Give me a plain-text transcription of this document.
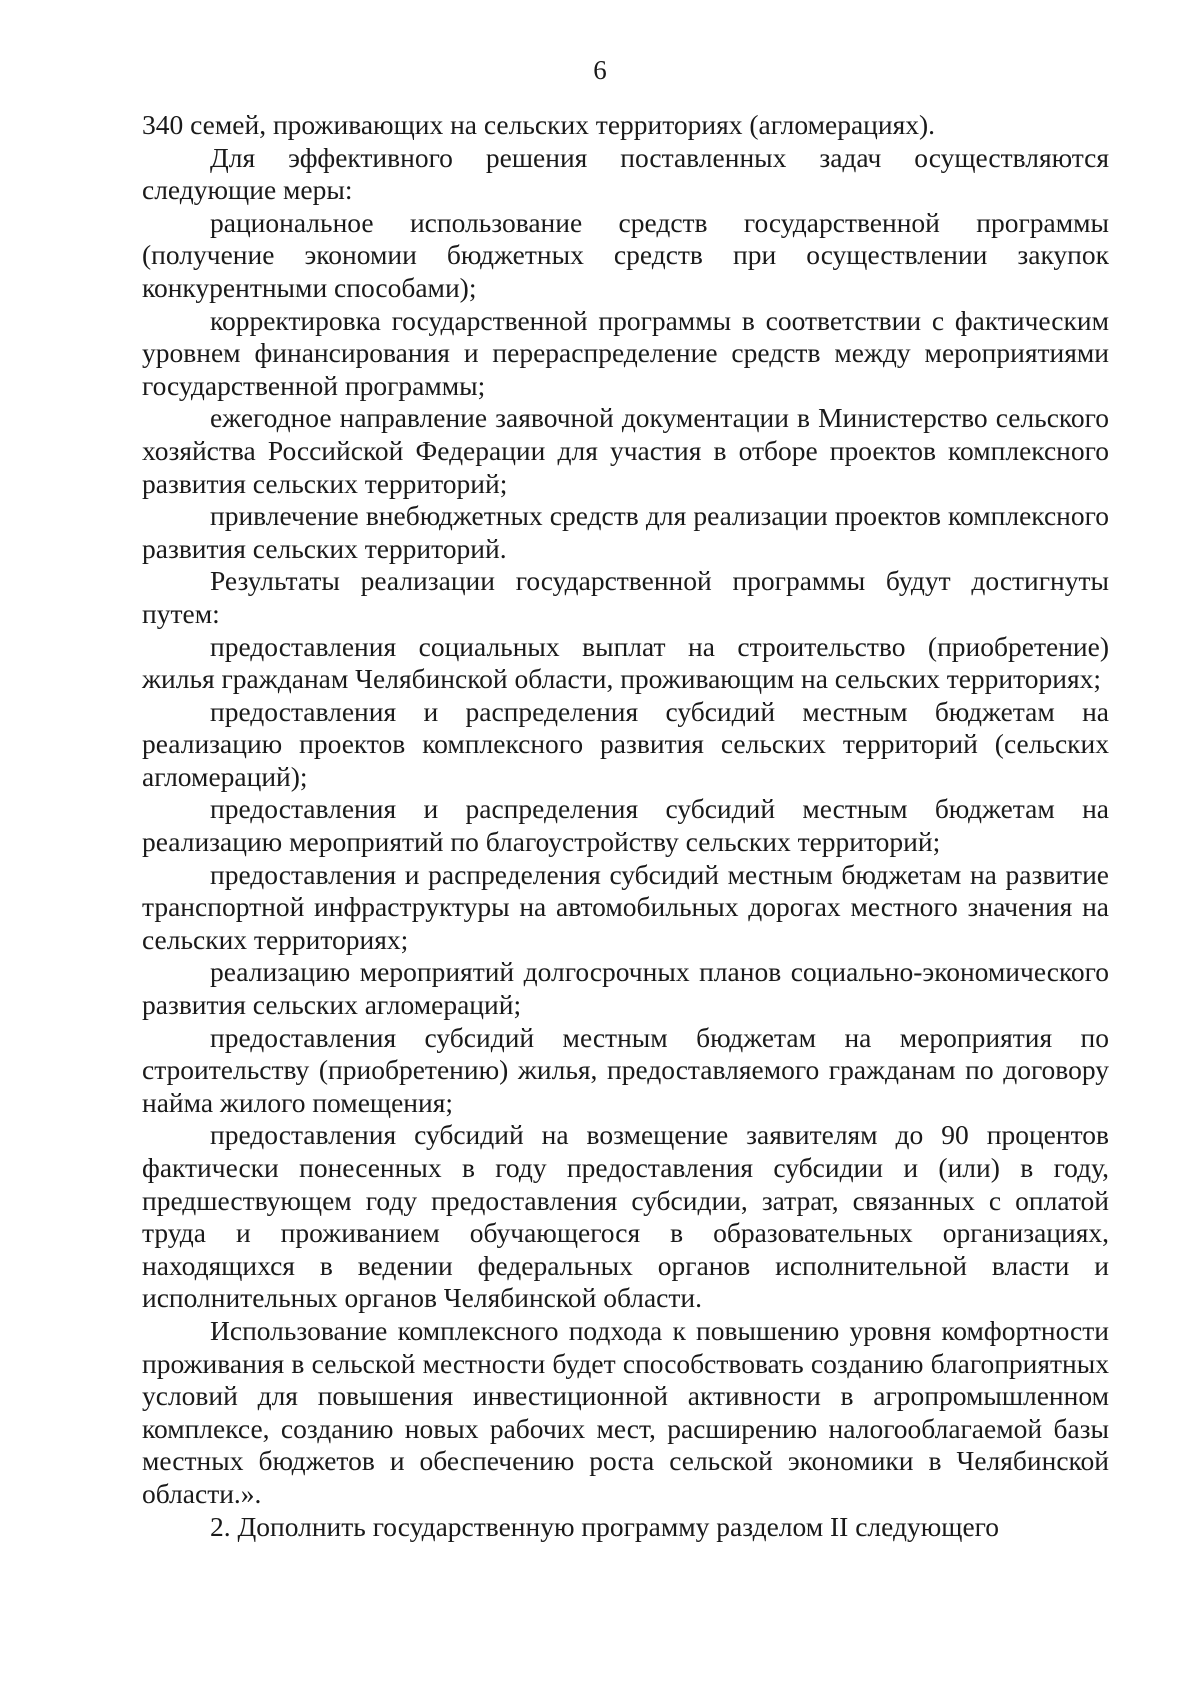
6

340 семей, проживающих на сельских территориях (агломерациях).

Для эффективного решения поставленных задач осуществляются следующие меры:

рациональное использование средств государственной программы (получение экономии бюджетных средств при осуществлении закупок конкурентными способами);

корректировка государственной программы в соответствии с фактическим уровнем финансирования и перераспределение средств между мероприятиями государственной программы;

ежегодное направление заявочной документации в Министерство сельского хозяйства Российской Федерации для участия в отборе проектов комплексного развития сельских территорий;

привлечение внебюджетных средств для реализации проектов комплексного развития сельских территорий.

Результаты реализации государственной программы будут достигнуты путем:

предоставления социальных выплат на строительство (приобретение) жилья гражданам Челябинской области, проживающим на сельских территориях;

предоставления и распределения субсидий местным бюджетам на реализацию проектов комплексного развития сельских территорий (сельских агломераций);

предоставления и распределения субсидий местным бюджетам на реализацию мероприятий по благоустройству сельских территорий;

предоставления и распределения субсидий местным бюджетам на развитие транспортной инфраструктуры на автомобильных дорогах местного значения на сельских территориях;

реализацию мероприятий долгосрочных планов социально-экономического развития сельских агломераций;

предоставления субсидий местным бюджетам на мероприятия по строительству (приобретению) жилья, предоставляемого гражданам по договору найма жилого помещения;

предоставления субсидий на возмещение заявителям до 90 процентов фактически понесенных в году предоставления субсидии и (или) в году, предшествующем году предоставления субсидии, затрат, связанных с оплатой труда и проживанием обучающегося в образовательных организациях, находящихся в ведении федеральных органов исполнительной власти и исполнительных органов Челябинской области.

Использование комплексного подхода к повышению уровня комфортности проживания в сельской местности будет способствовать созданию благоприятных условий для повышения инвестиционной активности в агропромышленном комплексе, созданию новых рабочих мест, расширению налогооблагаемой базы местных бюджетов и обеспечению роста сельской экономики в Челябинской области.».

2. Дополнить государственную программу разделом II следующего
